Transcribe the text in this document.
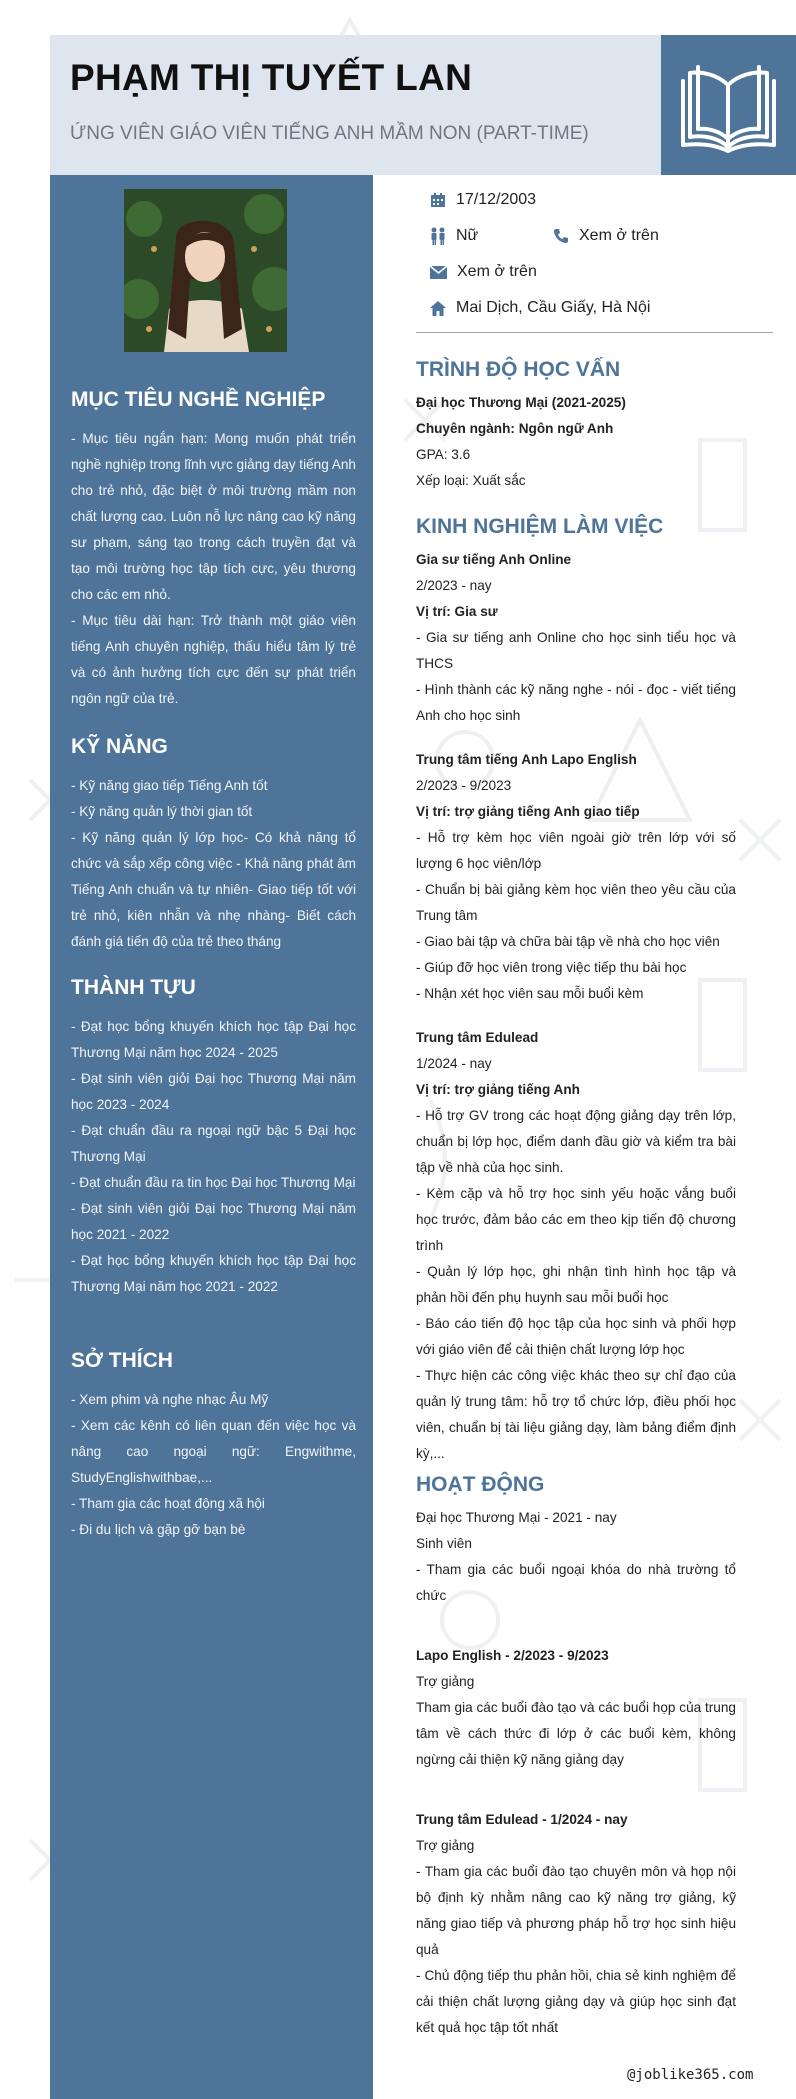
PHẠM THỊ TUYẾT LAN
ỨNG VIÊN GIÁO VIÊN TIẾNG ANH MẦM NON (PART-TIME)
MỤC TIÊU NGHỀ NGHIỆP

- Mục tiêu ngắn hạn: Mong muốn phát triển nghề nghiệp trong lĩnh vực giảng dạy tiếng Anh cho trẻ nhỏ, đặc biệt ở môi trường mầm non chất lượng cao. Luôn nỗ lực nâng cao kỹ năng sư phạm, sáng tạo trong cách truyền đạt và tạo môi trường học tập tích cực, yêu thương cho các em nhỏ.

- Mục tiêu dài hạn: Trở thành một giáo viên tiếng Anh chuyên nghiệp, thấu hiểu tâm lý trẻ và có ảnh hưởng tích cực đến sự phát triển ngôn ngữ của trẻ.

KỸ NĂNG

- Kỹ năng giao tiếp Tiếng Anh tốt

- Kỹ năng quản lý thời gian tốt

- Kỹ năng quản lý lớp học- Có khả năng tổ chức và sắp xếp công việc - Khả năng phát âm Tiếng Anh chuẩn và tự nhiên- Giao tiếp tốt với trẻ nhỏ, kiên nhẫn và nhẹ nhàng- Biết cách đánh giá tiến độ của trẻ theo tháng

THÀNH TỰU

- Đạt học bổng khuyến khích học tập Đại học Thương Mại năm học 2024 - 2025

- Đạt sinh viên giỏi Đại học Thương Mại năm học 2023 - 2024

- Đạt chuẩn đầu ra ngoại ngữ bậc 5 Đại học Thương Mại

- Đạt chuẩn đầu ra tin học Đại học Thương Mại

- Đạt sinh viên giỏi Đại học Thương Mại năm học 2021 - 2022

- Đạt học bổng khuyến khích học tập Đại học Thương Mại năm học 2021 - 2022

SỞ THÍCH

- Xem phim và nghe nhạc Âu Mỹ

- Xem các kênh có liên quan đến việc học và nâng cao ngoại ngữ: Engwithme, StudyEnglishwithbae,...

- Tham gia các hoạt động xã hội

- Đi du lịch và gặp gỡ bạn bè

17/12/2003
Nữ	Xem ở trên
Xem ở trên
Mai Dịch, Cầu Giấy, Hà Nội
TRÌNH ĐỘ HỌC VẤN

Đại học Thương Mại (2021-2025)

Chuyên ngành: Ngôn ngữ Anh

GPA: 3.6

Xếp loại: Xuất sắc

KINH NGHIỆM LÀM VIỆC

Gia sư tiếng Anh Online

2/2023 - nay

Vị trí: Gia sư

- Gia sư tiếng anh Online cho học sinh tiểu học và THCS

- Hình thành các kỹ năng nghe - nói - đọc - viết tiếng Anh cho học sinh

Trung tâm tiếng Anh Lapo English

2/2023 - 9/2023

Vị trí: trợ giảng tiếng Anh giao tiếp

- Hỗ trợ kèm học viên ngoài giờ trên lớp với số lượng 6 học viên/lớp

- Chuẩn bị bài giảng kèm học viên theo yêu cầu của Trung tâm

- Giao bài tập và chữa bài tập về nhà cho học viên

- Giúp đỡ học viên trong việc tiếp thu bài học

- Nhận xét học viên sau mỗi buổi kèm

Trung tâm Edulead

1/2024 - nay

Vị trí: trợ giảng tiếng Anh

- Hỗ trợ GV trong các hoạt động giảng dạy trên lớp, chuẩn bị lớp học, điểm danh đầu giờ và kiểm tra bài tập về nhà của học sinh.

- Kèm cặp và hỗ trợ học sinh yếu hoặc vắng buổi học trước, đảm bảo các em theo kịp tiến độ chương trình

- Quản lý lớp học, ghi nhận tình hình học tập và phản hồi đến phụ huynh sau mỗi buổi học

- Báo cáo tiến độ học tập của học sinh và phối hợp với giáo viên để cải thiện chất lượng lớp học

- Thực hiện các công việc khác theo sự chỉ đạo của quản lý trung tâm: hỗ trợ tổ chức lớp, điều phối học viên, chuẩn bị tài liệu giảng dạy, làm bảng điểm định kỳ,...

HOẠT ĐỘNG

Đại học Thương Mại - 2021 - nay

Sinh viên

- Tham gia các buổi ngoại khóa do nhà trường tổ chức

Lapo English - 2/2023 - 9/2023

Trợ giảng

Tham gia các buổi đào tạo và các buổi họp của trung tâm về cách thức đi lớp ở các buổi kèm, không ngừng cải thiện kỹ năng giảng dạy

Trung tâm Edulead - 1/2024 - nay

Trợ giảng

- Tham gia các buổi đào tạo chuyên môn và họp nội bộ định kỳ nhằm nâng cao kỹ năng trợ giảng, kỹ năng giao tiếp và phương pháp hỗ trợ học sinh hiệu quả

- Chủ động tiếp thu phản hồi, chia sẻ kinh nghiệm để cải thiện chất lượng giảng dạy và giúp học sinh đạt kết quả học tập tốt nhất

@joblike365.com
